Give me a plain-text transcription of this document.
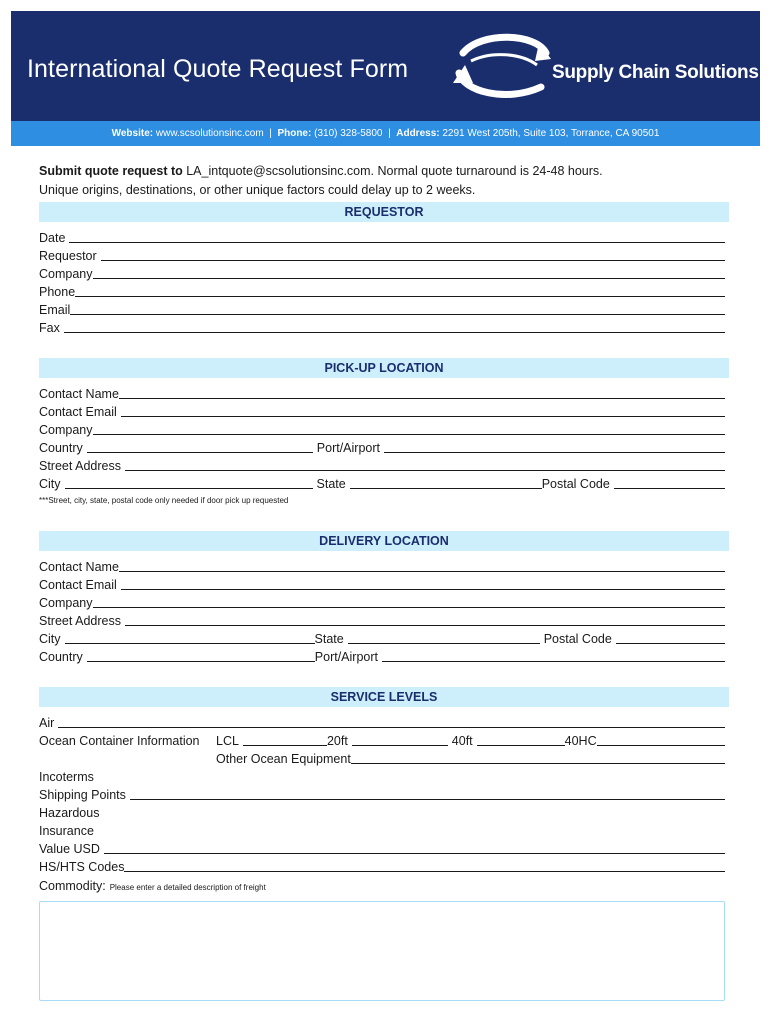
International Quote Request Form	Supply Chain Solutions
Website: www.scsolutionsinc.com | Phone: (310) 328-5800 | Address: 2291 West 205th, Suite 103, Torrance, CA 90501
Submit quote request to LA_intquote@scsolutionsinc.com. Normal quote turnaround is 24-48 hours.
Unique origins, destinations, or other unique factors could delay up to 2 weeks.
REQUESTOR
Date
Requestor
Company
Phone
Email
Fax
PICK-UP LOCATION
Contact Name
Contact Email
Company
Country	Port/Airport
Street Address
City	State	Postal Code
***Street, city, state, postal code only needed if door pick up requested
DELIVERY LOCATION
Contact Name
Contact Email
Company
Street Address
City	State	Postal Code
Country	Port/Airport
SERVICE LEVELS
Air
Ocean Container Information	LCL	20ft	40ft	40HC
Other Ocean Equipment
Incoterms
Shipping Points
Hazardous
Insurance
Value USD
HS/HTS Codes
Commodity: Please enter a detailed description of freight
